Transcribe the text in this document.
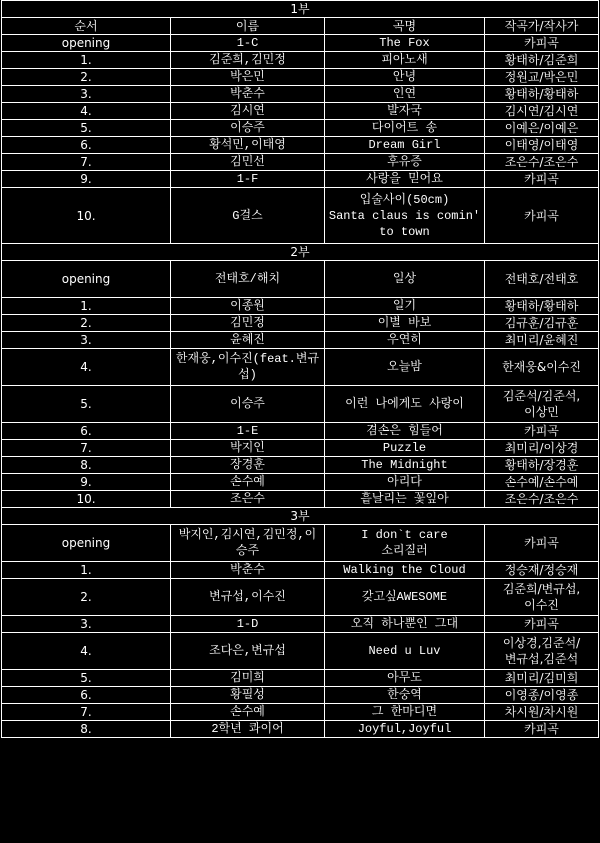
1부			
순서	이름	곡명	작곡가/작사가
opening	1-C	The Fox	카피곡
1.	김준희,김민정	피아노새	황태하/김준희
2.	박은민	안녕	정원교/박은민
3.	박춘수	인연	황태하/황태하
4.	김시연	발자국	김시연/김시연
5.	이승주	다이어트 송	이예은/이예은
6.	황석민,이태영	Dream Girl	이태영/이태영
7.	김민선	후유증	조은수/조은수
9.	1-F	사랑을 믿어요	카피곡
10.	G걸스	입술사이(50cm)
Santa claus is comin'
to town	카피곡
2부			
opening	전태호/해치	일상	전태호/전태호
1.	이종원	일기	황태하/황태하
2.	김민정	이별 바보	김규훈/김규훈
3.	윤혜진	우연히	최미리/윤혜진
4.	한재웅,이수진(feat.변규
섭)	오늘밤	한재웅&이수진
5.	이승주	이런 나에게도 사랑이	김준석/김준석,
이상민
6.	1-E	겸손은 힘들어	카피곡
7.	박지인	Puzzle	최미리/이상경
8.	장경훈	The Midnight	황태하/장경훈
9.	손수예	아리다	손수예/손수예
10.	조은수	흩날리는 꽃잎아	조은수/조은수
3부			
opening	박지인,김시연,김민정,이
승주	I don`t care
소리질러	카피곡
1.	박춘수	Walking the Cloud	정승재/정승재
2.	변규섭,이수진	갖고싶AWESOME	김준희/변규섭,
이수진
3.	1-D	오직 하나뿐인 그대	카피곡
4.	조다은,변규섭	Need u Luv	이상경,김준석/
변규섭,김준석
5.	김미희	아무도	최미리/김미희
6.	황필성	한숭역	이영종/이영종
7.	손수예	그 한마디면	차시원/차시원
8.	2학년 콰이어	Joyful,Joyful	카피곡
